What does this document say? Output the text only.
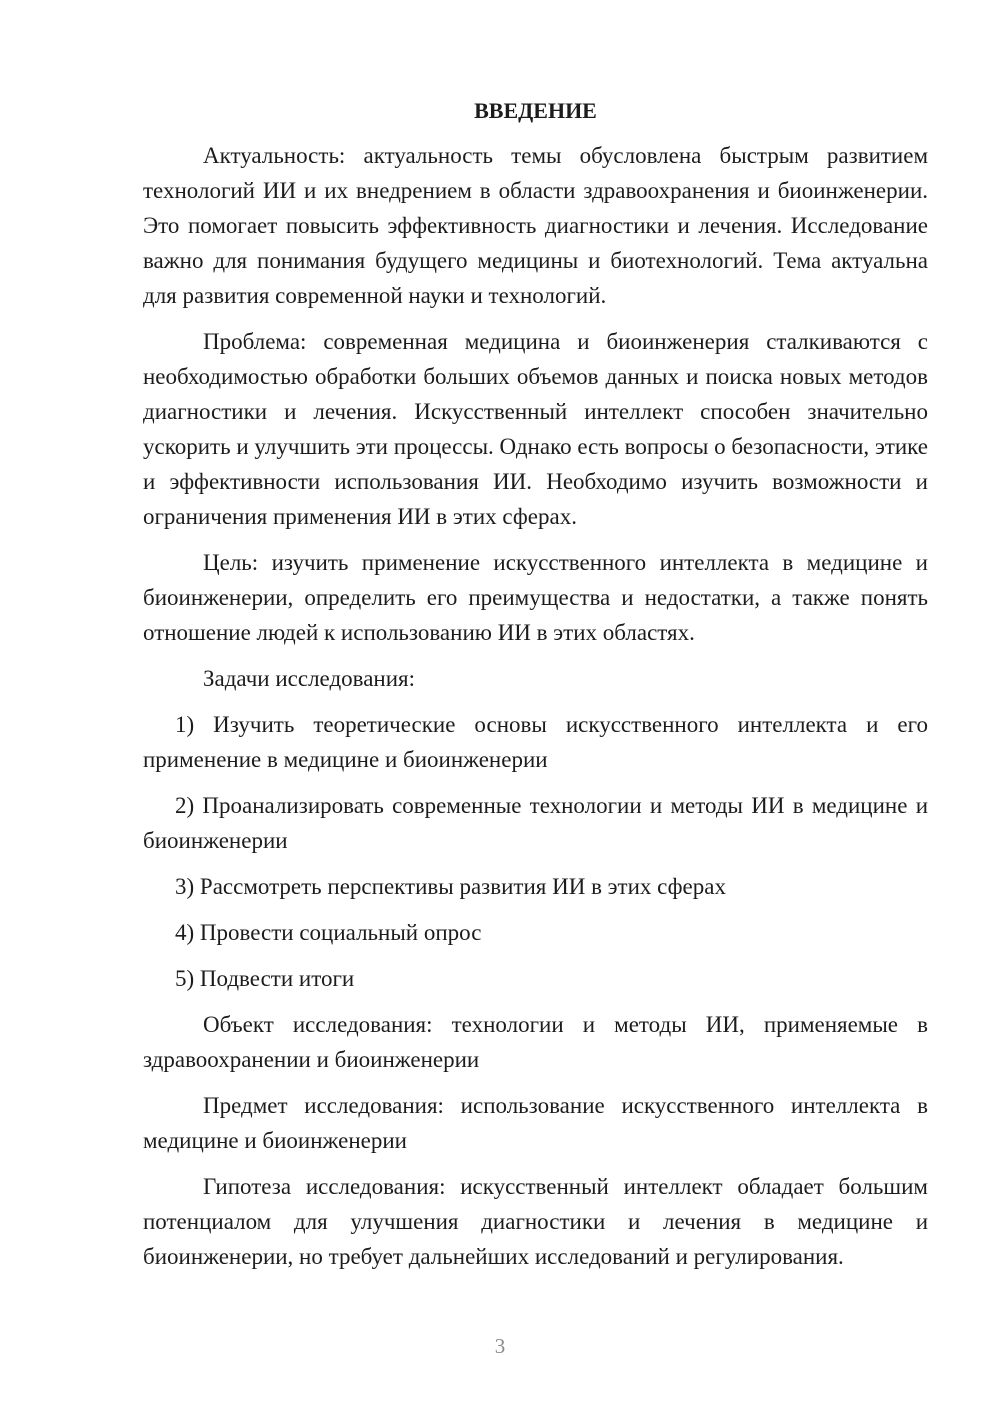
ВВЕДЕНИЕ

Актуальность: актуальность темы обусловлена быстрым развитием технологий ИИ и их внедрением в области здравоохранения и биоинженерии. Это помогает повысить эффективность диагностики и лечения. Исследование важно для понимания будущего медицины и биотехнологий. Тема актуальна для развития современной науки и технологий.

Проблема: современная медицина и биоинженерия сталкиваются с необходимостью обработки больших объемов данных и поиска новых методов диагностики и лечения. Искусственный интеллект способен значительно ускорить и улучшить эти процессы. Однако есть вопросы о безопасности, этике и эффективности использования ИИ. Необходимо изучить возможности и ограничения применения ИИ в этих сферах.

Цель: изучить применение искусственного интеллекта в медицине и биоинженерии, определить его преимущества и недостатки, а также понять отношение людей к использованию ИИ в этих областях.

Задачи исследования:

1) Изучить теоретические основы искусственного интеллекта и его применение в медицине и биоинженерии

2) Проанализировать современные технологии и методы ИИ в медицине и биоинженерии

3) Рассмотреть перспективы развития ИИ в этих сферах

4) Провести социальный опрос

5) Подвести итоги

Объект исследования: технологии и методы ИИ, применяемые в здравоохранении и биоинженерии

Предмет исследования: использование искусственного интеллекта в медицине и биоинженерии

Гипотеза исследования: искусственный интеллект обладает большим потенциалом для улучшения диагностики и лечения в медицине и биоинженерии, но требует дальнейших исследований и регулирования.

3
